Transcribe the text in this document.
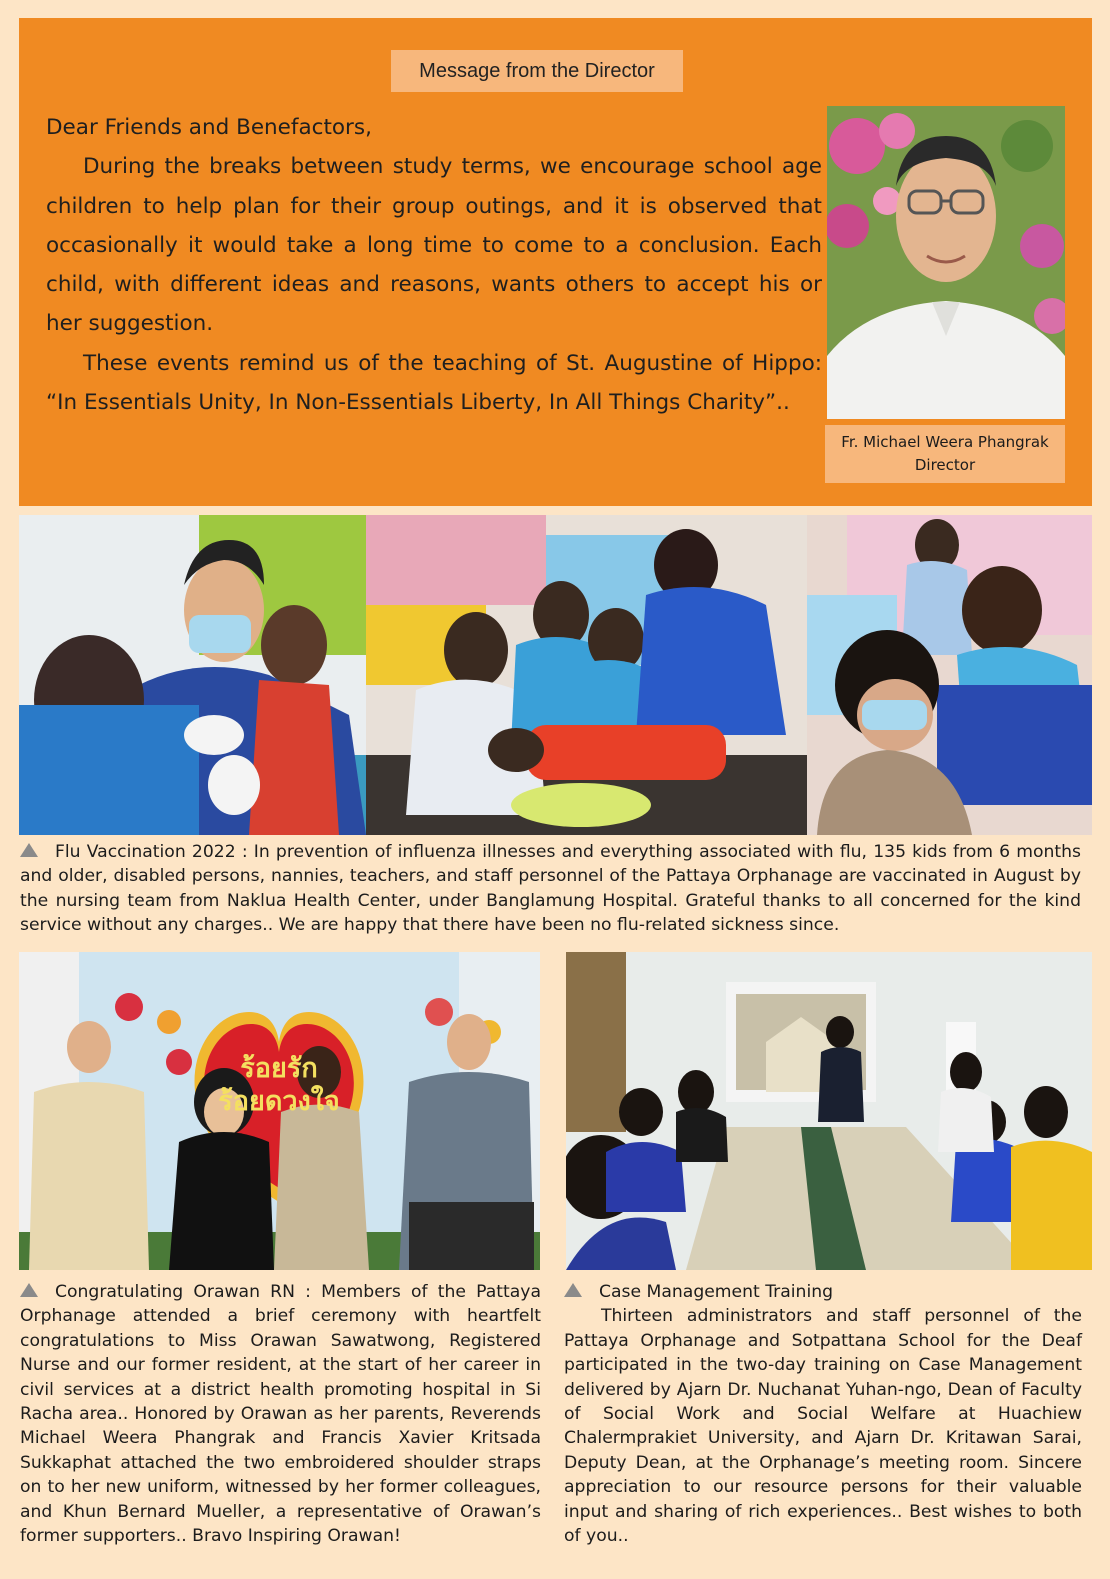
Message from the Director

Dear Friends and Benefactors,

During the breaks between study terms, we encourage school age children to help plan for their group outings, and it is observed that occasionally it would take a long time to come to a conclusion. Each child, with different ideas and reasons, wants others to accept his or her suggestion.

These events remind us of the teaching of St. Augustine of Hippo: “In Essentials Unity, In Non-Essentials Liberty, In All Things Charity”..

Fr. Michael Weera Phangrak
Director
Flu Vaccination 2022 : In prevention of influenza illnesses and everything associated with flu, 135 kids from 6 months and older, disabled persons, nannies, teachers, and staff personnel of the Pattaya Orphanage are vaccinated in August by the nursing team from Naklua Health Center, under Banglamung Hospital. Grateful thanks to all concerned for the kind service without any charges.. We are happy that there have been no flu-related sickness since.
ร้อยรัก
ร้อยดวงใจ
Congratulating Orawan RN : Members of the Pattaya Orphanage attended a brief ceremony with heartfelt congratulations to Miss Orawan Sawatwong, Registered Nurse and our former resident, at the start of her career in civil services at a district health promoting hospital in Si Racha area.. Honored by Orawan as her parents, Reverends Michael Weera Phangrak and Francis Xavier Kritsada Sukkaphat attached the two embroidered shoulder straps on to her new uniform, witnessed by her former colleagues, and Khun Bernard Mueller, a representative of Orawan’s former supporters.. Bravo Inspiring Orawan!

Case Management Training

Thirteen administrators and staff personnel of the Pattaya Orphanage and Sotpattana School for the Deaf participated in the two-day training on Case Management delivered by Ajarn Dr. Nuchanat Yuhan-ngo, Dean of Faculty of Social Work and Social Welfare at Huachiew Chalermprakiet University, and Ajarn Dr. Kritawan Sarai, Deputy Dean, at the Orphanage’s meeting room. Sincere appreciation to our resource persons for their valuable input and sharing of rich experiences.. Best wishes to both of you..
